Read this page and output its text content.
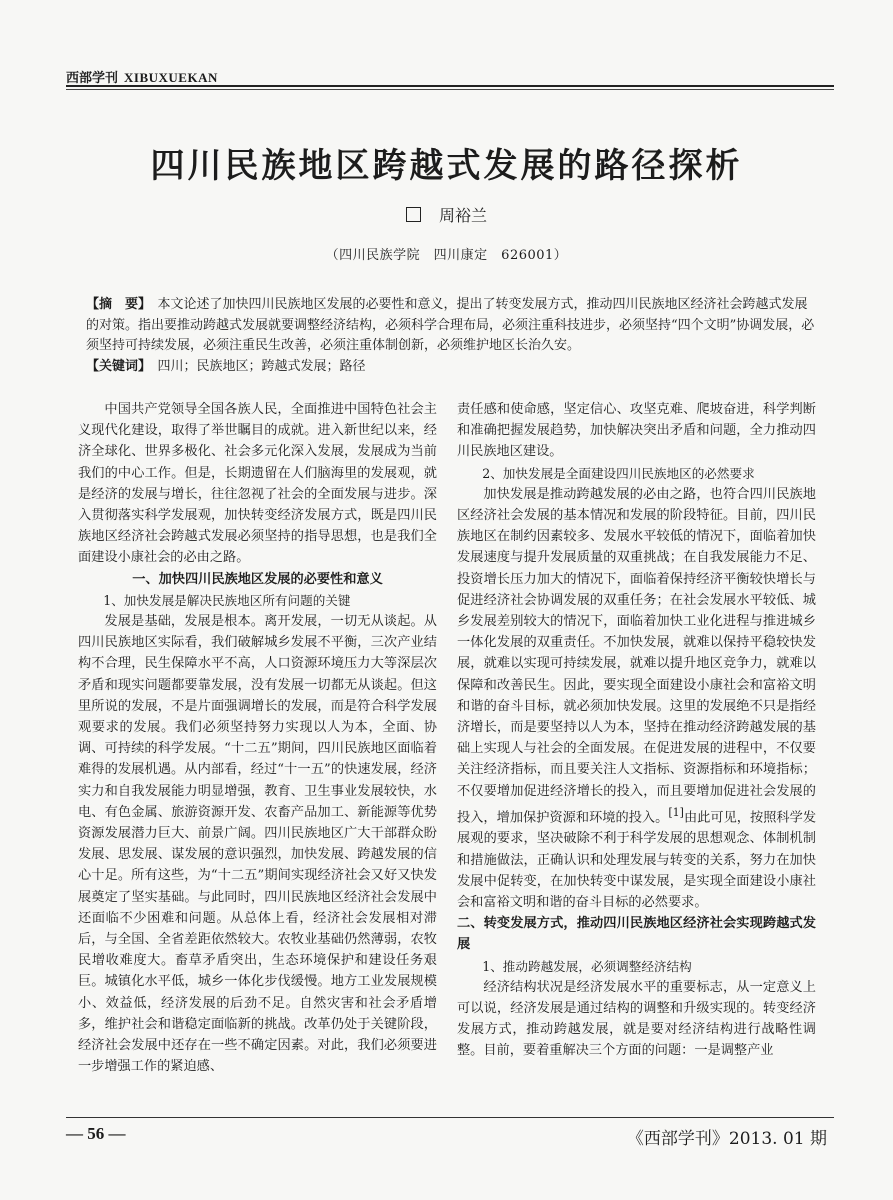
西部学刊 XIBUXUEKAN
四川民族地区跨越式发展的路径探析
周裕兰
（四川民族学院　四川康定　626001）

【摘　要】　 本文论述了加快四川民族地区发展的必要性和意义，提出了转变发展方式，推动四川民族地区经济社会跨越式发展的对策。指出要推动跨越式发展就要调整经济结构，必须科学合理布局，必须注重科技进步，必须坚持“四个文明”协调发展，必须坚持可持续发展，必须注重民生改善，必须注重体制创新，必须维护地区长治久安。

【关键词】　 四川；民族地区；跨越式发展；路径

中国共产党领导全国各族人民，全面推进中国特色社会主义现代化建设，取得了举世瞩目的成就。进入新世纪以来，经济全球化、世界多极化、社会多元化深入发展，发展成为当前我们的中心工作。但是，长期遗留在人们脑海里的发展观，就是经济的发展与增长，往往忽视了社会的全面发展与进步。深入贯彻落实科学发展观，加快转变经济发展方式，既是四川民族地区经济社会跨越式发展必须坚持的指导思想，也是我们全面建设小康社会的必由之路。

一、加快四川民族地区发展的必要性和意义

1、加快发展是解决民族地区所有问题的关键

发展是基础，发展是根本。离开发展，一切无从谈起。从四川民族地区实际看，我们破解城乡发展不平衡，三次产业结构不合理，民生保障水平不高，人口资源环境压力大等深层次矛盾和现实问题都要靠发展，没有发展一切都无从谈起。但这里所说的发展，不是片面强调增长的发展，而是符合科学发展观要求的发展。我们必须坚持努力实现以人为本，全面、协调、可持续的科学发展。“十二五”期间，四川民族地区面临着难得的发展机遇。从内部看，经过“十一五”的快速发展，经济实力和自我发展能力明显增强，教育、卫生事业发展较快，水电、有色金属、旅游资源开发、农畜产品加工、新能源等优势资源发展潜力巨大、前景广阔。四川民族地区广大干部群众盼发展、思发展、谋发展的意识强烈，加快发展、跨越发展的信心十足。所有这些，为“十二五”期间实现经济社会又好又快发展奠定了坚实基础。与此同时，四川民族地区经济社会发展中还面临不少困难和问题。从总体上看，经济社会发展相对滞后，与全国、全省差距依然较大。农牧业基础仍然薄弱，农牧民增收难度大。畜草矛盾突出，生态环境保护和建设任务艰巨。城镇化水平低，城乡一体化步伐缓慢。地方工业发展规模小、效益低，经济发展的后劲不足。自然灾害和社会矛盾增多，维护社会和谐稳定面临新的挑战。改革仍处于关键阶段，经济社会发展中还存在一些不确定因素。对此，我们必须要进一步增强工作的紧迫感、

责任感和使命感，坚定信心、攻坚克难、爬坡奋进，科学判断和准确把握发展趋势，加快解决突出矛盾和问题，全力推动四川民族地区建设。

2、加快发展是全面建设四川民族地区的必然要求

加快发展是推动跨越发展的必由之路，也符合四川民族地区经济社会发展的基本情况和发展的阶段特征。目前，四川民族地区在制约因素较多、发展水平较低的情况下，面临着加快发展速度与提升发展质量的双重挑战；在自我发展能力不足、投资增长压力加大的情况下，面临着保持经济平衡较快增长与促进经济社会协调发展的双重任务；在社会发展水平较低、城乡发展差别较大的情况下，面临着加快工业化进程与推进城乡一体化发展的双重责任。不加快发展，就难以保持平稳较快发展，就难以实现可持续发展，就难以提升地区竞争力，就难以保障和改善民生。因此，要实现全面建设小康社会和富裕文明和谐的奋斗目标，就必须加快发展。这里的发展绝不只是指经济增长，而是要坚持以人为本，坚持在推动经济跨越发展的基础上实现人与社会的全面发展。在促进发展的进程中，不仅要关注经济指标，而且要关注人文指标、资源指标和环境指标；不仅要增加促进经济增长的投入，而且要增加促进社会发展的投入，增加保护资源和环境的投入。[1]由此可见，按照科学发展观的要求，坚决破除不利于科学发展的思想观念、体制机制和措施做法，正确认识和处理发展与转变的关系，努力在加快发展中促转变，在加快转变中谋发展，是实现全面建设小康社会和富裕文明和谐的奋斗目标的必然要求。

二、转变发展方式，推动四川民族地区经济社会实现跨越式发展

1、推动跨越发展，必须调整经济结构

经济结构状况是经济发展水平的重要标志，从一定意义上可以说，经济发展是通过结构的调整和升级实现的。转变经济发展方式，推动跨越发展，就是要对经济结构进行战略性调整。目前，要着重解决三个方面的问题：一是调整产业

— 56 —	《西部学刊》2013. 01 期
